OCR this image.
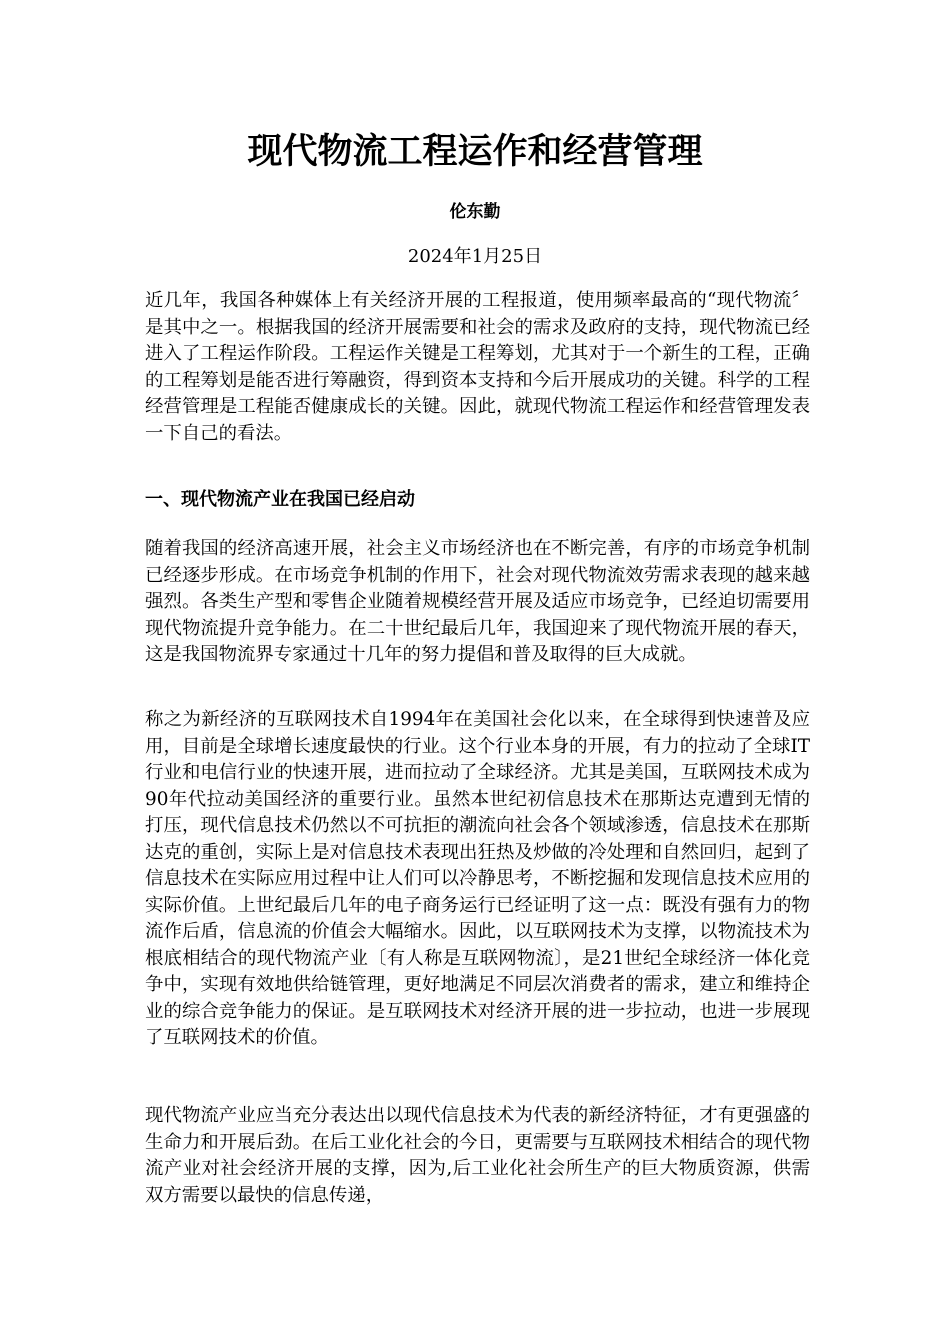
现代物流工程运作和经营管理
伦东勤
2024年1月25日

近几年，我国各种媒体上有关经济开展的工程报道，使用频率最高的“现代物流〞是其中之一。根据我国的经济开展需要和社会的需求及政府的支持，现代物流已经进入了工程运作阶段。工程运作关键是工程筹划，尤其对于一个新生的工程，正确的工程筹划是能否进行筹融资，得到资本支持和今后开展成功的关键。科学的工程经营管理是工程能否健康成长的关键。因此，就现代物流工程运作和经营管理发表一下自己的看法。

一、现代物流产业在我国已经启动

随着我国的经济高速开展，社会主义市场经济也在不断完善，有序的市场竞争机制已经逐步形成。在市场竞争机制的作用下，社会对现代物流效劳需求表现的越来越强烈。各类生产型和零售企业随着规模经营开展及适应市场竞争，已经迫切需要用现代物流提升竞争能力。在二十世纪最后几年，我国迎来了现代物流开展的春天，这是我国物流界专家通过十几年的努力提倡和普及取得的巨大成就。

称之为新经济的互联网技术自1994年在美国社会化以来，在全球得到快速普及应用，目前是全球增长速度最快的行业。这个行业本身的开展，有力的拉动了全球IT行业和电信行业的快速开展，进而拉动了全球经济。尤其是美国，互联网技术成为90年代拉动美国经济的重要行业。虽然本世纪初信息技术在那斯达克遭到无情的打压，现代信息技术仍然以不可抗拒的潮流向社会各个领域渗透，信息技术在那斯达克的重创，实际上是对信息技术表现出狂热及炒做的冷处理和自然回归，起到了信息技术在实际应用过程中让人们可以冷静思考，不断挖掘和发现信息技术应用的实际价值。上世纪最后几年的电子商务运行已经证明了这一点：既没有强有力的物流作后盾，信息流的价值会大幅缩水。因此，以互联网技术为支撑，以物流技术为根底相结合的现代物流产业〔有人称是互联网物流〕，是21世纪全球经济一体化竞争中，实现有效地供给链管理，更好地满足不同层次消费者的需求，建立和维持企业的综合竞争能力的保证。是互联网技术对经济开展的进一步拉动，也进一步展现了互联网技术的价值。

现代物流产业应当充分表达出以现代信息技术为代表的新经济特征，才有更强盛的生命力和开展后劲。在后工业化社会的今日，更需要与互联网技术相结合的现代物流产业对社会经济开展的支撑，因为,后工业化社会所生产的巨大物质资源，供需双方需要以最快的信息传递，
